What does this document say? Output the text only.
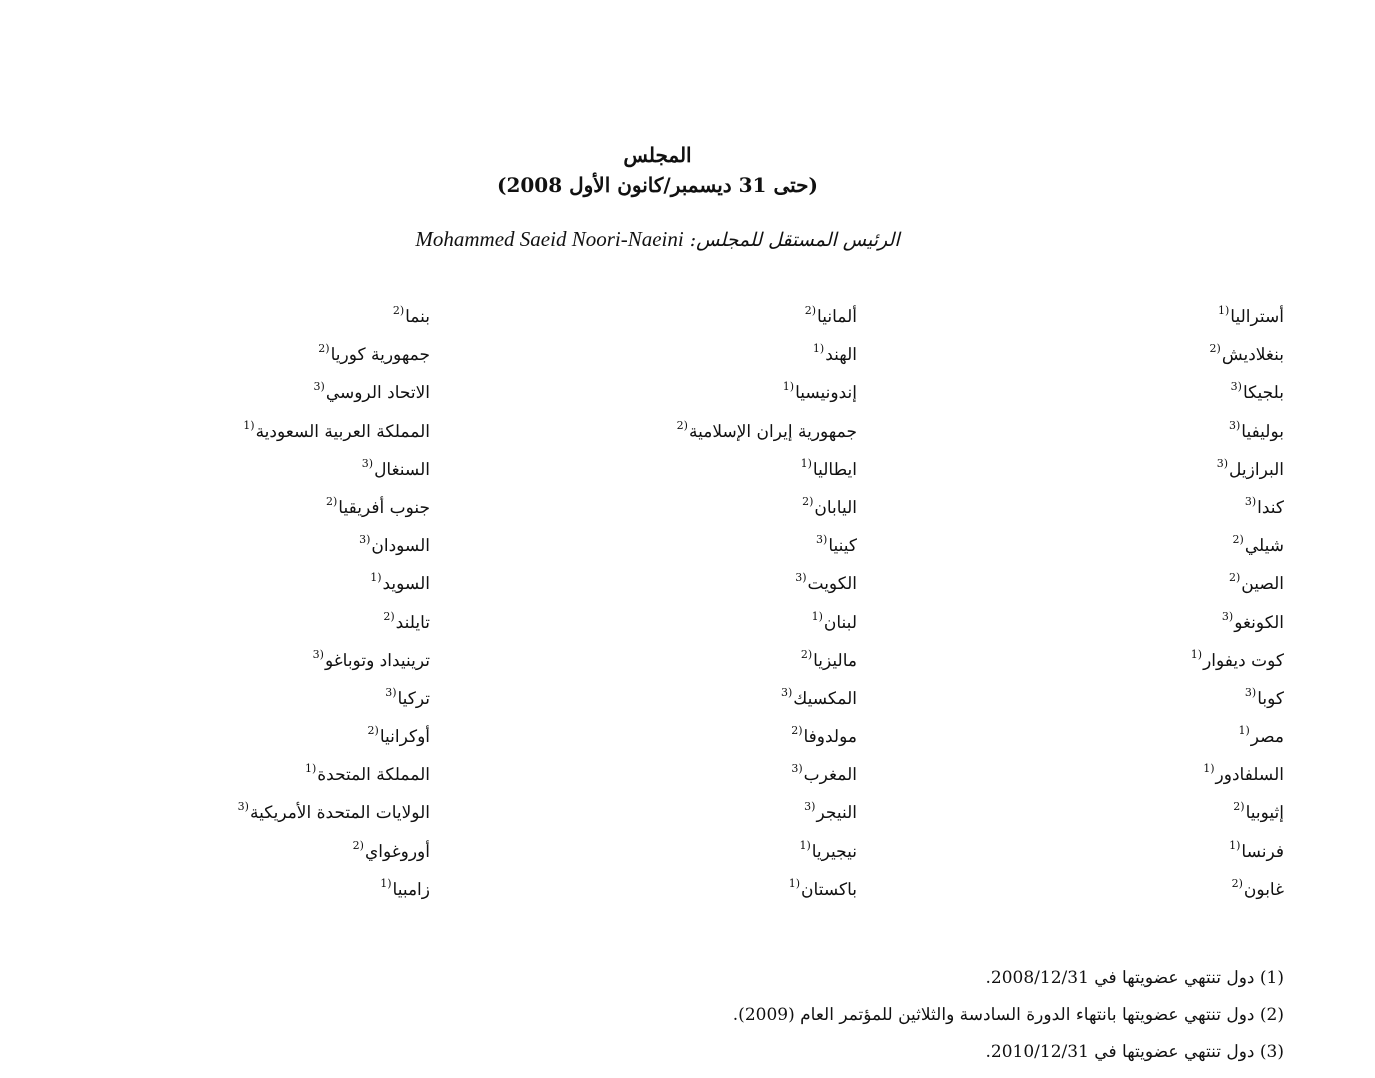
المجلس
(حتى 31 ديسمبر/كانون الأول 2008)
الرئيس المستقل للمجلس: Mohammed Saeid Noori-Naeini
أستراليا$^{(1}$
بنغلاديش$^{(2}$
بلجيكا$^{(3}$
بوليفيا$^{(3}$
البرازيل$^{(3}$
كندا$^{(3}$
شيلي$^{(2}$
الصين$^{(2}$
الكونغو$^{(3}$
كوت ديفوار$^{(1}$
كوبا$^{(3}$
مصر$^{(1}$
السلفادور$^{(1}$
إثيوبيا$^{(2}$
فرنسا$^{(1}$
غابون$^{(2}$
ألمانيا$^{(2}$
الهند$^{(1}$
إندونيسيا$^{(1}$
جمهورية إيران الإسلامية$^{(2}$
ايطاليا$^{(1}$
اليابان$^{(2}$
كينيا$^{(3}$
الكويت$^{(3}$
لبنان$^{(1}$
ماليزيا$^{(2}$
المكسيك$^{(3}$
مولدوفا$^{(2}$
المغرب$^{(3}$
النيجر$^{(3}$
نيجيريا$^{(1}$
باكستان$^{(1}$
بنما$^{(2}$
جمهورية كوريا$^{(2}$
الاتحاد الروسي$^{(3}$
المملكة العربية السعودية$^{(1}$
السنغال$^{(3}$
جنوب أفريقيا$^{(2}$
السودان$^{(3}$
السويد$^{(1}$
تايلند$^{(2}$
ترينيداد وتوباغو$^{(3}$
تركيا$^{(3}$
أوكرانيا$^{(2}$
المملكة المتحدة$^{(1}$
الولايات المتحدة الأمريكية$^{(3}$
أوروغواي$^{(2}$
زامبيا$^{(1}$
(1) دول تنتهي عضويتها في 2008/12/31.
(2) دول تنتهي عضويتها بانتهاء الدورة السادسة والثلاثين للمؤتمر العام (2009).
(3) دول تنتهي عضويتها في 2010/12/31.
